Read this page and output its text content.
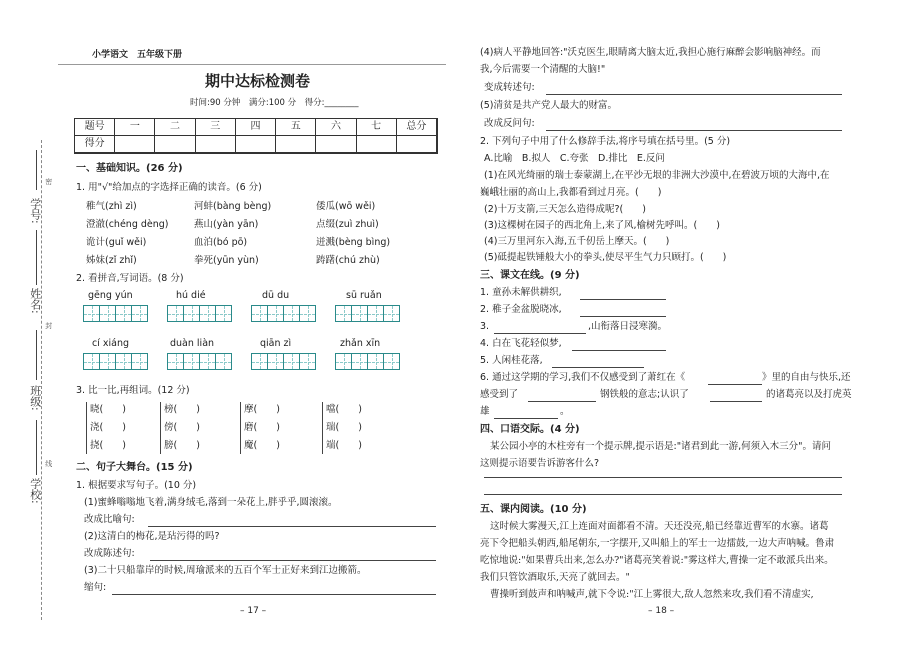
小学语文　五年级下册
期中达标检测卷
时间:90 分钟　满分:100 分　得分:________
学号:
姓名:
班级:
学校:
密
封
线
题号	一	二	三	四	五	六	七	总分
得分
一、基础知识。(26 分)
1. 用"√"给加点的字选择正确的读音。(6 分)
稚气(zhì zì)	河蚌(bàng bèng)	倭瓜(wō wěi)
澄澈(chéng dèng)	燕山(yàn yān)	点缀(zuì zhuì)
诡计(guǐ wěi)	血泊(bó pō)	迸溅(bèng bìng)
姊妹(zǐ zhǐ)	拳死(yūn yùn)	踌躇(chú zhù)
2. 看拼音,写词语。(8 分)
gēng yún	hú dié	dū du	sū ruǎn
cí xiáng	duàn liàn	qiān zì	zhǎn xīn
3. 比一比,再组词。(12 分)
晓(　　)	榜(　　)	摩(　　)	噹(　　)
浇(　　)	傍(　　)	磨(　　)	瑞(　　)
挠(　　)	膀(　　)	魔(　　)	端(　　)
二、句子大舞台。(15 分)
1. 根据要求写句子。(10 分)
(1)蜜蜂嗡嗡地飞着,满身绒毛,落到一朵花上,胖乎乎,圆滚滚。
改成比喻句:
(2)这清白的梅花,是玷污得的吗?
改成陈述句:
(3)二十只船靠岸的时候,周瑜派来的五百个军士正好来到江边搬箭。
缩句:
– 17 –
(4)病人平静地回答:"沃克医生,眼睛离大脑太近,我担心施行麻醉会影响脑神经。而
我,今后需要一个清醒的大脑!"
变成转述句:
(5)清贫是共产党人最大的财富。
改成反问句:
2. 下列句子中用了什么修辞手法,将序号填在括号里。(5 分)
A.比喻　B.拟人　C.夸张　D.排比　E.反问
(1)在风光绮丽的瑞士泰蒙湖上,在平沙无垠的非洲大沙漠中,在碧波万顷的大海中,在
巍峨壮丽的高山上,我都看到过月亮。(　　)
(2)十万支箭,三天怎么造得成呢?(　　)
(3)这棵树在园子的西北角上,来了风,榆树先呼叫。(　　)
(4)三万里河东入海,五千仞岳上摩天。(　　)
(5)砥提起铁锤般大小的拳头,使尽平生气力只顾打。(　　)
三、课文在线。(9 分)
1. 童孙未解供耕织,
2. 稚子金盆脱晓冰,
3.	,山衔落日浸寒漪。
4. 白在飞花轻似梦,
5. 人闲桂花落,
6. 通过这学期的学习,我们不仅感受到了萧红在《	》里的自由与快乐,还
感受到了	钢铁般的意志;认识了	的诸葛亮以及打虎英
雄	。
四、口语交际。(4 分)
某公园小亭的木柱旁有一个提示牌,提示语是:"诸君到此一游,何须入木三分"。请问
这则提示语要告诉游客什么?
五、课内阅读。(10 分)
这时候大雾漫天,江上连面对面都看不清。天还没亮,船已经靠近曹军的水寨。诸葛
亮下令把船头朝西,船尾朝东,一字摆开,又叫船上的军士一边擂鼓,一边大声呐喊。鲁肃
吃惊地说:"如果曹兵出来,怎么办?"诸葛亮笑着说:"雾这样大,曹操一定不敢派兵出来。
我们只管饮酒取乐,天亮了就回去。"
曹操听到鼓声和呐喊声,就下令说:"江上雾很大,敌人忽然来攻,我们看不清虚实,
– 18 –
